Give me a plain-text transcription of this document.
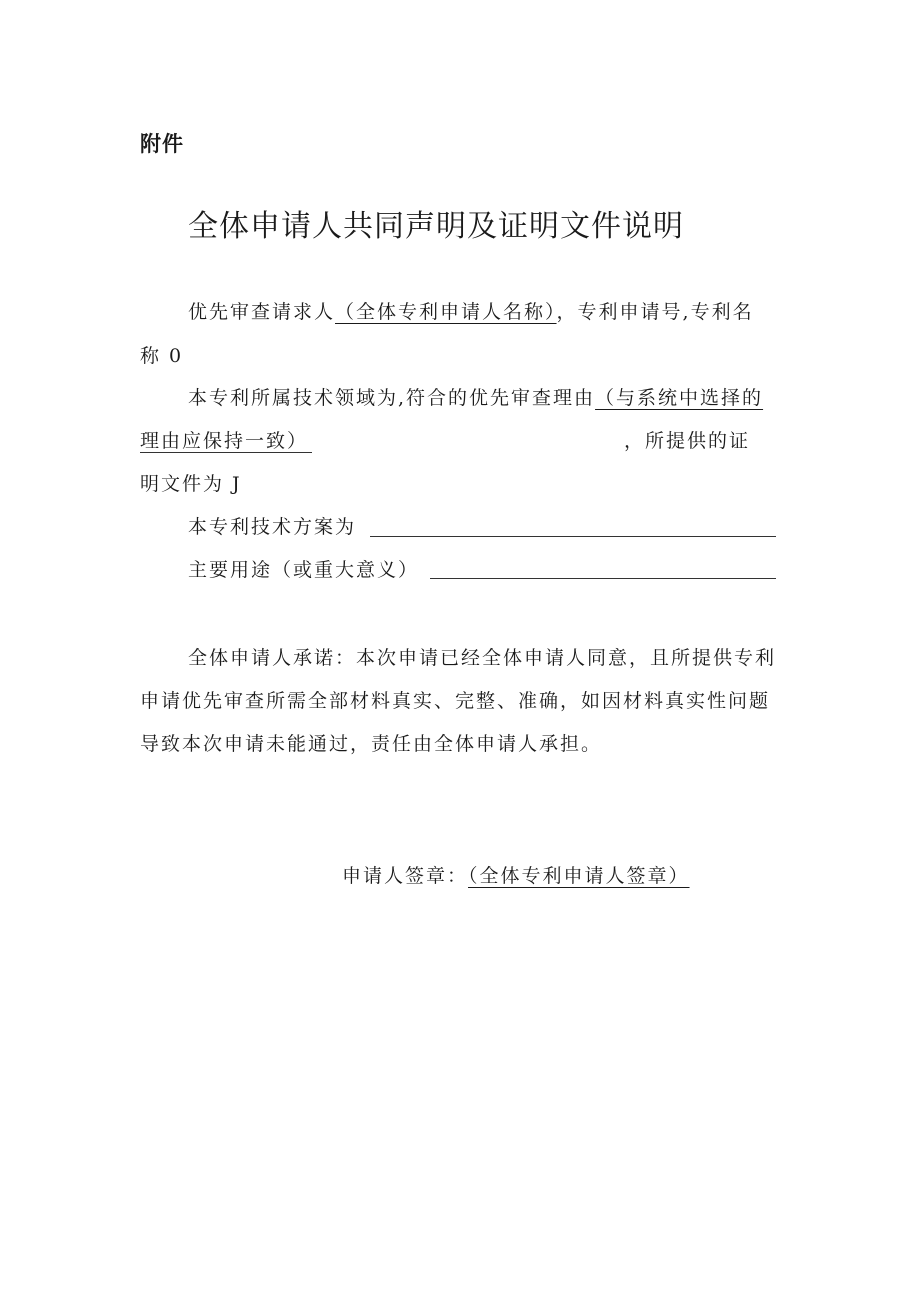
附件
全体申请人共同声明及证明文件说明
优先审查请求人（全体专利申请人名称），专利申请号,专利名
称 0
本专利所属技术领域为,符合的优先审查理由（与系统中选择的
理由应保持一致）	，所提供的证
明文件为 J
本专利技术方案为
主要用途（或重大意义）
全体申请人承诺：本次申请已经全体申请人同意，且所提供专利
申请优先审查所需全部材料真实、完整、准确，如因材料真实性问题
导致本次申请未能通过，责任由全体申请人承担。
申请人签章：（全体专利申请人签章）
